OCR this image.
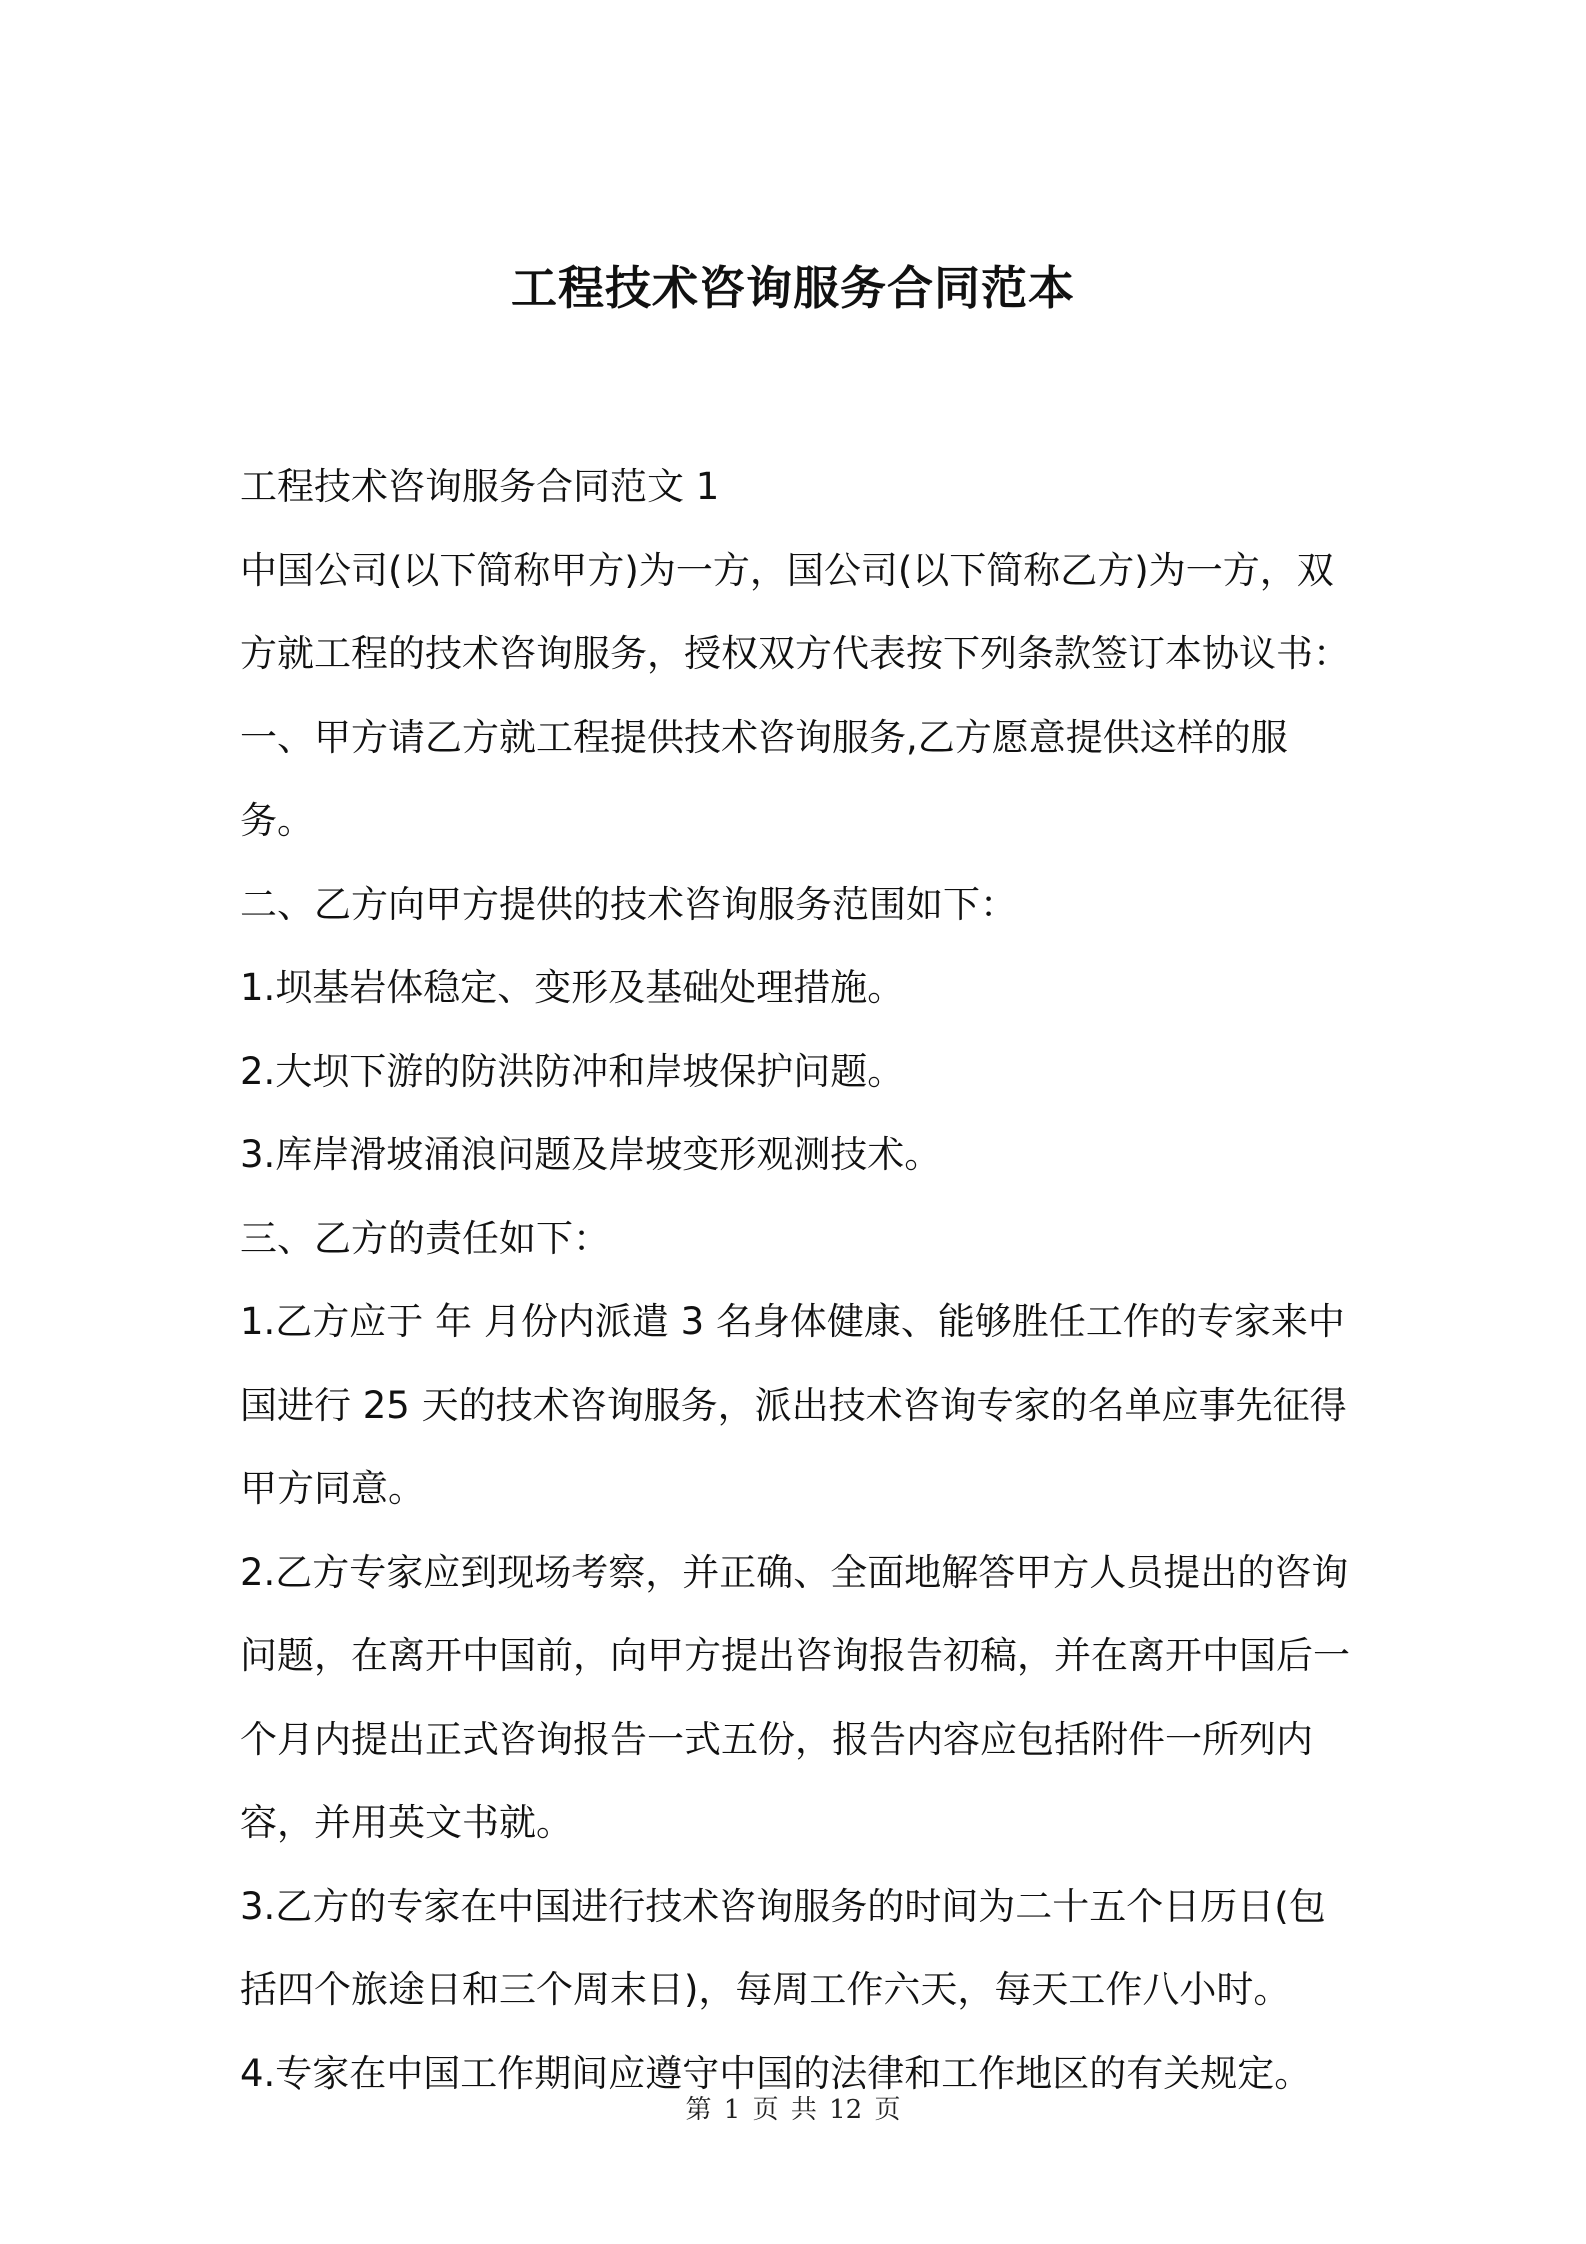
工程技术咨询服务合同范本

工程技术咨询服务合同范文 1

中国公司(以下简称甲方)为一方，国公司(以下简称乙方)为一方，双方就工程的技术咨询服务，授权双方代表按下列条款签订本协议书：

一、甲方请乙方就工程提供技术咨询服务,乙方愿意提供这样的服务。

二、乙方向甲方提供的技术咨询服务范围如下：

1.坝基岩体稳定、变形及基础处理措施。

2.大坝下游的防洪防冲和岸坡保护问题。

3.库岸滑坡涌浪问题及岸坡变形观测技术。

三、乙方的责任如下：

1.乙方应于 年 月份内派遣 3 名身体健康、能够胜任工作的专家来中国进行 25 天的技术咨询服务，派出技术咨询专家的名单应事先征得甲方同意。

2.乙方专家应到现场考察，并正确、全面地解答甲方人员提出的咨询问题，在离开中国前，向甲方提出咨询报告初稿，并在离开中国后一个月内提出正式咨询报告一式五份，报告内容应包括附件一所列内容，并用英文书就。

3.乙方的专家在中国进行技术咨询服务的时间为二十五个日历日(包括四个旅途日和三个周末日)，每周工作六天，每天工作八小时。

4.专家在中国工作期间应遵守中国的法律和工作地区的有关规定。

第 1 页 共 12 页
